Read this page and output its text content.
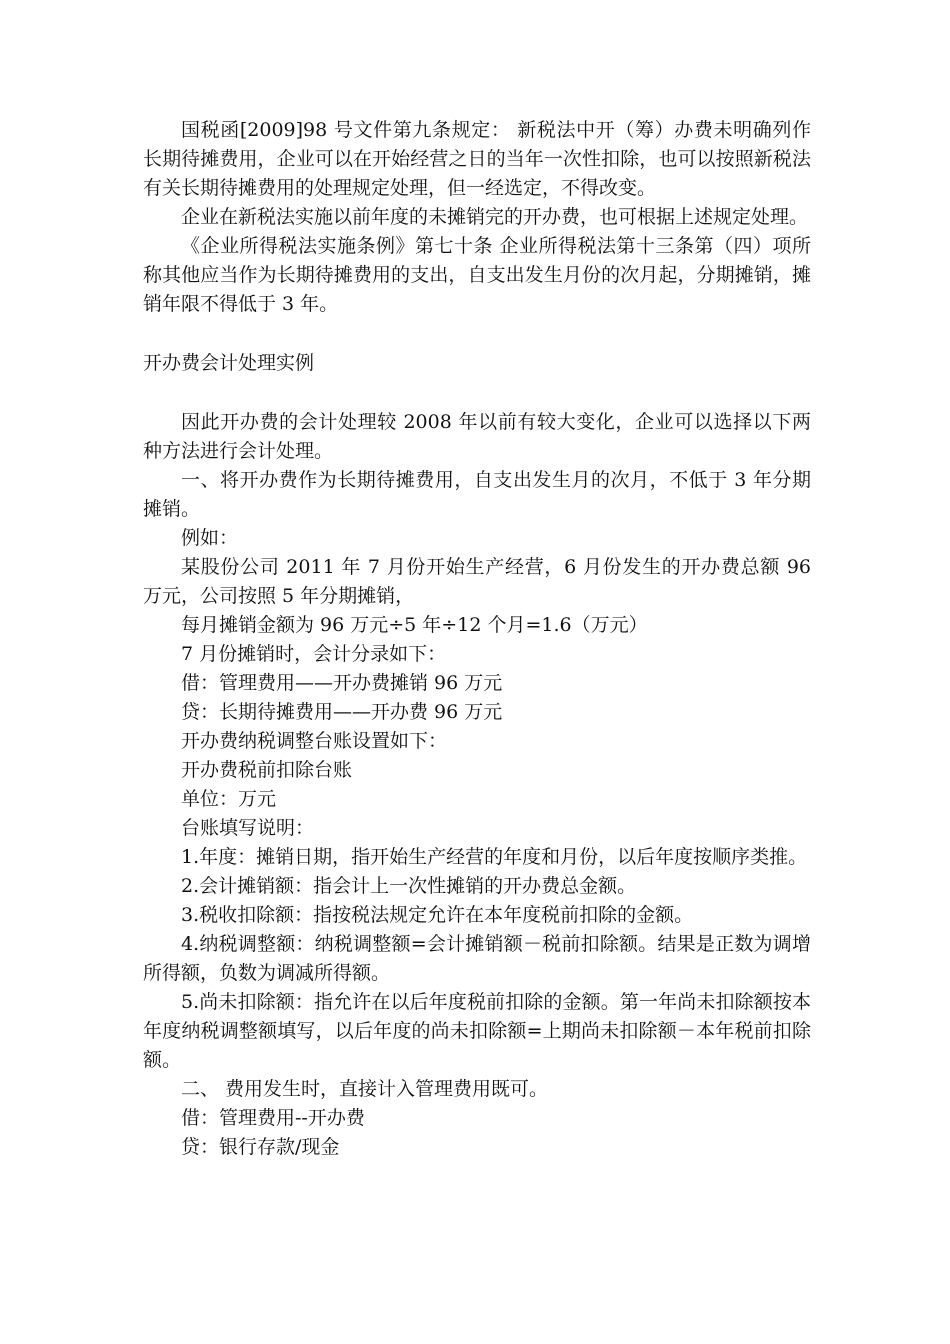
国税函[2009]98 号文件第九条规定： 新税法中开（筹）办费未明确列作长期待摊费用，企业可以在开始经营之日的当年一次性扣除，也可以按照新税法有关长期待摊费用的处理规定处理，但一经选定，不得改变。

企业在新税法实施以前年度的未摊销完的开办费，也可根据上述规定处理。

《企业所得税法实施条例》第七十条 企业所得税法第十三条第（四）项所称其他应当作为长期待摊费用的支出，自支出发生月份的次月起，分期摊销，摊销年限不得低于 3 年。

开办费会计处理实例

因此开办费的会计处理较 2008 年以前有较大变化，企业可以选择以下两种方法进行会计处理。

一、将开办费作为长期待摊费用，自支出发生月的次月，不低于 3 年分期摊销。

例如：

某股份公司 2011 年 7 月份开始生产经营，6 月份发生的开办费总额 96 万元，公司按照 5 年分期摊销，

每月摊销金额为 96 万元÷5 年÷12 个月=1.6（万元）

7 月份摊销时，会计分录如下：

借：管理费用——开办费摊销 96 万元

贷：长期待摊费用——开办费 96 万元

开办费纳税调整台账设置如下：

开办费税前扣除台账

单位：万元

台账填写说明：

1.年度：摊销日期，指开始生产经营的年度和月份，以后年度按顺序类推。

2.会计摊销额：指会计上一次性摊销的开办费总金额。

3.税收扣除额：指按税法规定允许在本年度税前扣除的金额。

4.纳税调整额：纳税调整额=会计摊销额－税前扣除额。结果是正数为调增所得额，负数为调减所得额。

5.尚未扣除额：指允许在以后年度税前扣除的金额。第一年尚未扣除额按本年度纳税调整额填写，以后年度的尚未扣除额=上期尚未扣除额－本年税前扣除额。

二、 费用发生时，直接计入管理费用既可。

借：管理费用--开办费

贷：银行存款/现金
